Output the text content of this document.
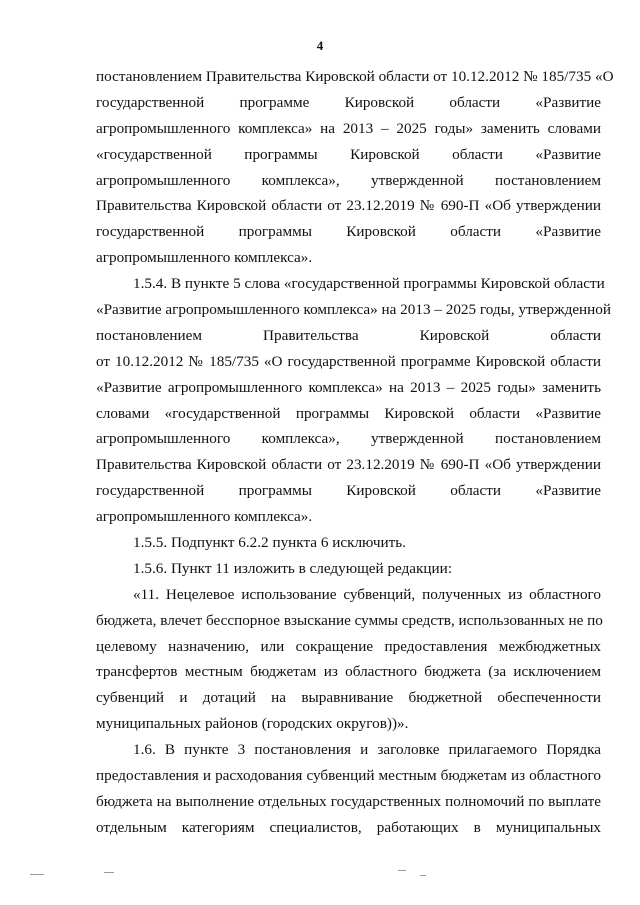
4
постановлением Правительства Кировской области от 10.12.2012 № 185/735 «О
государственной программе Кировской области «Развитие
агропромышленного комплекса» на 2013 – 2025 годы» заменить словами
«государственной программы Кировской области «Развитие
агропромышленного комплекса», утвержденной постановлением
Правительства Кировской области от 23.12.2019 № 690-П «Об утверждении
государственной программы Кировской области «Развитие
агропромышленного комплекса».
1.5.4. В пункте 5 слова «государственной программы Кировской области
«Развитие агропромышленного комплекса» на 2013 – 2025 годы, утвержденной
постановлением Правительства Кировской области
от 10.12.2012 № 185/735 «О государственной программе Кировской области
«Развитие агропромышленного комплекса» на 2013 – 2025 годы» заменить
словами «государственной программы Кировской области «Развитие
агропромышленного комплекса», утвержденной постановлением
Правительства Кировской области от 23.12.2019 № 690-П «Об утверждении
государственной программы Кировской области «Развитие
агропромышленного комплекса».
1.5.5. Подпункт 6.2.2 пункта 6 исключить.
1.5.6. Пункт 11 изложить в следующей редакции:
«11. Нецелевое использование субвенций, полученных из областного
бюджета, влечет бесспорное взыскание суммы средств, использованных не по
целевому назначению, или сокращение предоставления межбюджетных
трансфертов местным бюджетам из областного бюджета (за исключением
субвенций и дотаций на выравнивание бюджетной обеспеченности
муниципальных районов (городских округов))».
1.6. В пункте 3 постановления и заголовке прилагаемого Порядка
предоставления и расходования субвенций местным бюджетам из областного
бюджета на выполнение отдельных государственных полномочий по выплате
отдельным категориям специалистов, работающих в муниципальных
